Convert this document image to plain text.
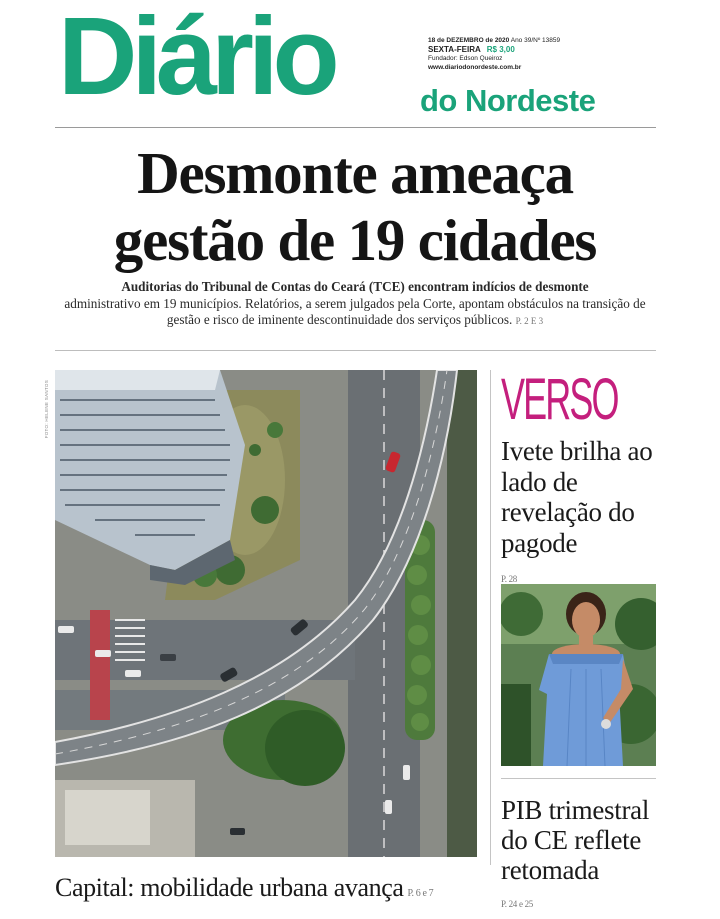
Diário	do Nordeste
18 de DEZEMBRO de 2020 Ano 39/Nº 13859
SEXTA-FEIRA R$ 3,00
Fundador: Edson Queiroz
www.diariodonordeste.com.br
Desmonte ameaça
gestão de 19 cidades
Auditorias do Tribunal de Contas do Ceará (TCE) encontram indícios de desmonte
administrativo em 19 municípios. Relatórios, a serem julgados pela Corte, apontam obstáculos na transição de gestão e risco de iminente descontinuidade dos serviços públicos. P. 2 E 3
FOTO: HELENE SANTOS
Capital: mobilidade urbana avança P. 6 e 7
VERSO
Ivete brilha ao lado de revelação do pagode
P. 28
PIB trimestral do CE reflete retomada
P. 24 e 25
